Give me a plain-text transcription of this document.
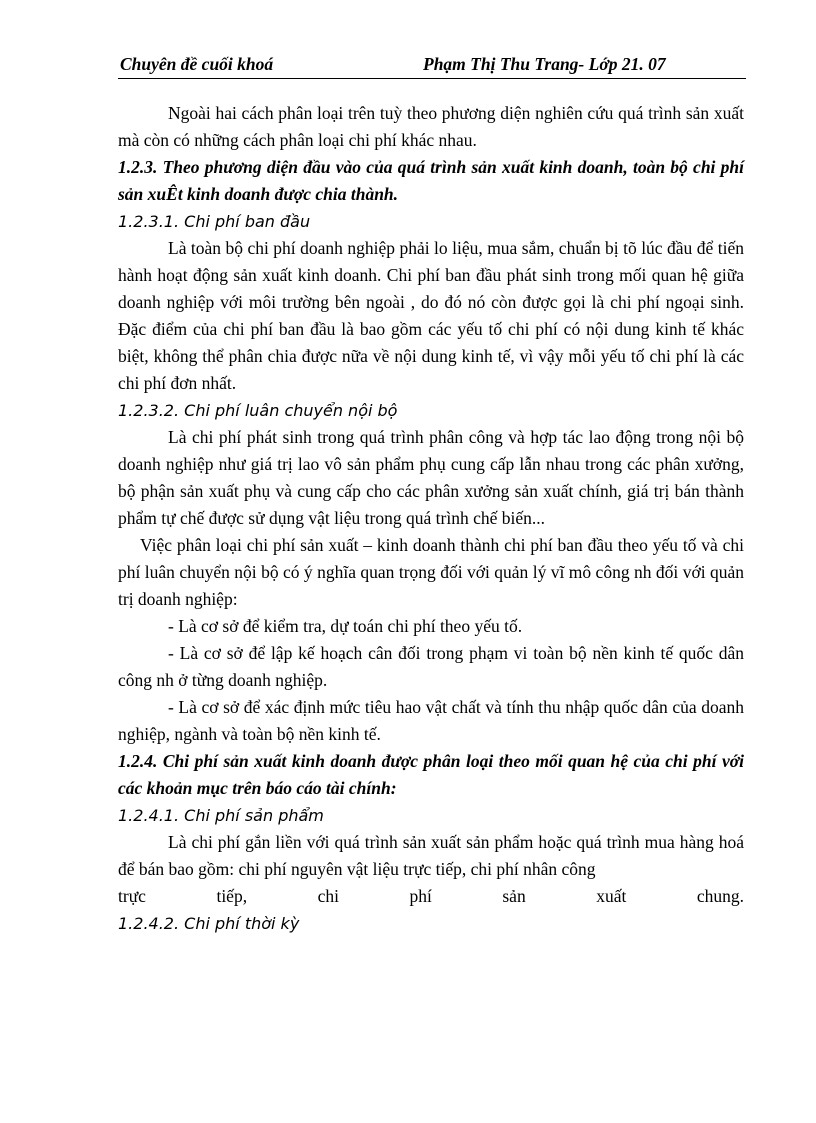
Chuyên đề cuối khoá	Phạm Thị Thu Trang- Lớp 21. 07

Ngoài hai cách phân loại trên tuỳ theo phương diện nghiên cứu quá trình sản xuất mà còn có những cách phân loại chi phí khác nhau.

1.2.3. Theo phương diện đầu vào của quá trình sản xuất kinh doanh, toàn bộ chi phí sản xuÊt kinh doanh được chia thành.

1.2.3.1. Chi phí ban đầu

Là toàn bộ chi phí doanh nghiệp phải lo liệu, mua sắm, chuẩn bị tõ lúc đầu để tiến hành hoạt động sản xuất kinh doanh. Chi phí ban đầu phát sinh trong mối quan hệ giữa doanh nghiệp với môi trường bên ngoài , do đó nó còn được gọi là chi phí ngoại sinh. Đặc điểm của chi phí ban đầu là bao gồm các yếu tố chi phí có nội dung kinh tế khác biệt, không thể phân chia được nữa về nội dung kinh tế, vì vậy mỗi yếu tố chi phí là các chi phí đơn nhất.

1.2.3.2. Chi phí luân chuyển nội bộ

Là chi phí phát sinh trong quá trình phân công và hợp tác lao động trong nội bộ doanh nghiệp như giá trị lao vô sản phẩm phụ cung cấp lẫn nhau trong các phân xưởng, bộ phận sản xuất phụ và cung cấp cho các phân xưởng sản xuất chính, giá trị bán thành phẩm tự chế được sử dụng vật liệu trong quá trình chế biến...

Việc phân loại chi phí sản xuất – kinh doanh thành chi phí ban đầu theo yếu tố và chi phí luân chuyển nội bộ có ý nghĩa quan trọng đối với quản lý vĩ mô công nh đối với quản trị doanh nghiệp:

- Là cơ sở để kiểm tra, dự toán chi phí theo yếu tố.

- Là cơ sở để lập kế hoạch cân đối trong phạm vi toàn bộ nền kinh tế quốc dân công nh ở từng doanh nghiệp.

- Là cơ sở để xác định mức tiêu hao vật chất và tính thu nhập quốc dân của doanh nghiệp, ngành và toàn bộ nền kinh tế.

1.2.4. Chi phí sản xuất kinh doanh được phân loại theo mối quan hệ của chi phí với các khoản mục trên báo cáo tài chính:

1.2.4.1. Chi phí sản phẩm

Là chi phí gắn liền với quá trình sản xuất sản phẩm hoặc quá trình mua hàng hoá để bán bao gồm: chi phí nguyên vật liệu trực tiếp, chi phí nhân công

trực tiếp, chi phí sản xuất chung.

1.2.4.2. Chi phí thời kỳ
